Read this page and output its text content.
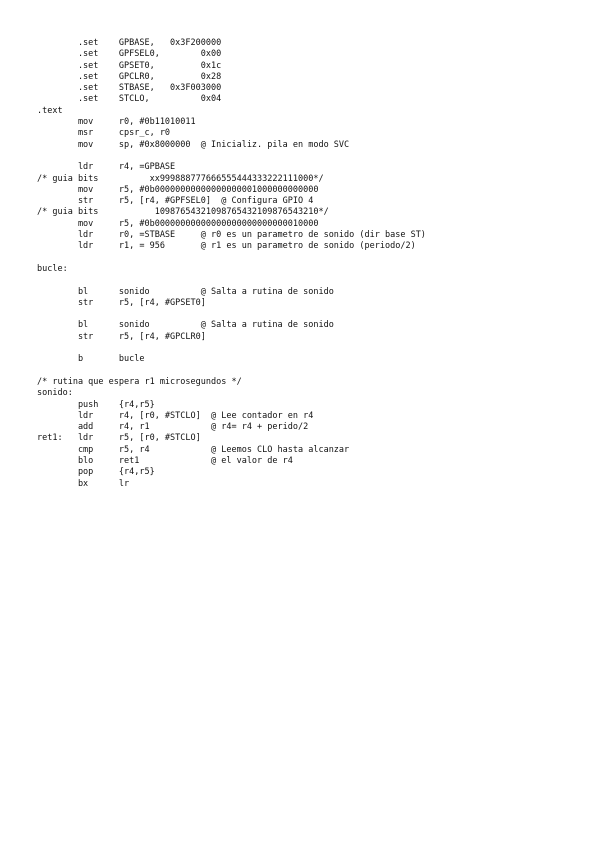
.set    GPBASE,   0x3F200000
.set    GPFSEL0,        0x00
.set    GPSET0,         0x1c
.set    GPCLR0,         0x28
.set    STBASE,   0x3F003000
.set    STCLO,          0x04
.text
mov     r0, #0b11010011
msr     cpsr_c, r0
mov     sp, #0x8000000  @ Inicializ. pila en modo SVC
ldr     r4, =GPBASE
/* guia bits          xx999888777666555444333222111000*/
mov     r5, #0b00000000000000000001000000000000
str     r5, [r4, #GPFSEL0]  @ Configura GPIO 4
/* guia bits           10987654321098765432109876543210*/
mov     r5, #0b00000000000000000000000000010000
ldr     r0, =STBASE     @ r0 es un parametro de sonido (dir base ST)
ldr     r1, = 956       @ r1 es un parametro de sonido (periodo/2)
bucle:
bl      sonido          @ Salta a rutina de sonido
str     r5, [r4, #GPSET0]
bl      sonido          @ Salta a rutina de sonido
str     r5, [r4, #GPCLR0]
b       bucle
/* rutina que espera r1 microsegundos */
sonido:
push    {r4,r5}
ldr     r4, [r0, #STCLO]  @ Lee contador en r4
add     r4, r1            @ r4= r4 + perido/2
ret1:   ldr     r5, [r0, #STCLO]
cmp     r5, r4            @ Leemos CLO hasta alcanzar
blo     ret1              @ el valor de r4
pop     {r4,r5}
bx      lr
